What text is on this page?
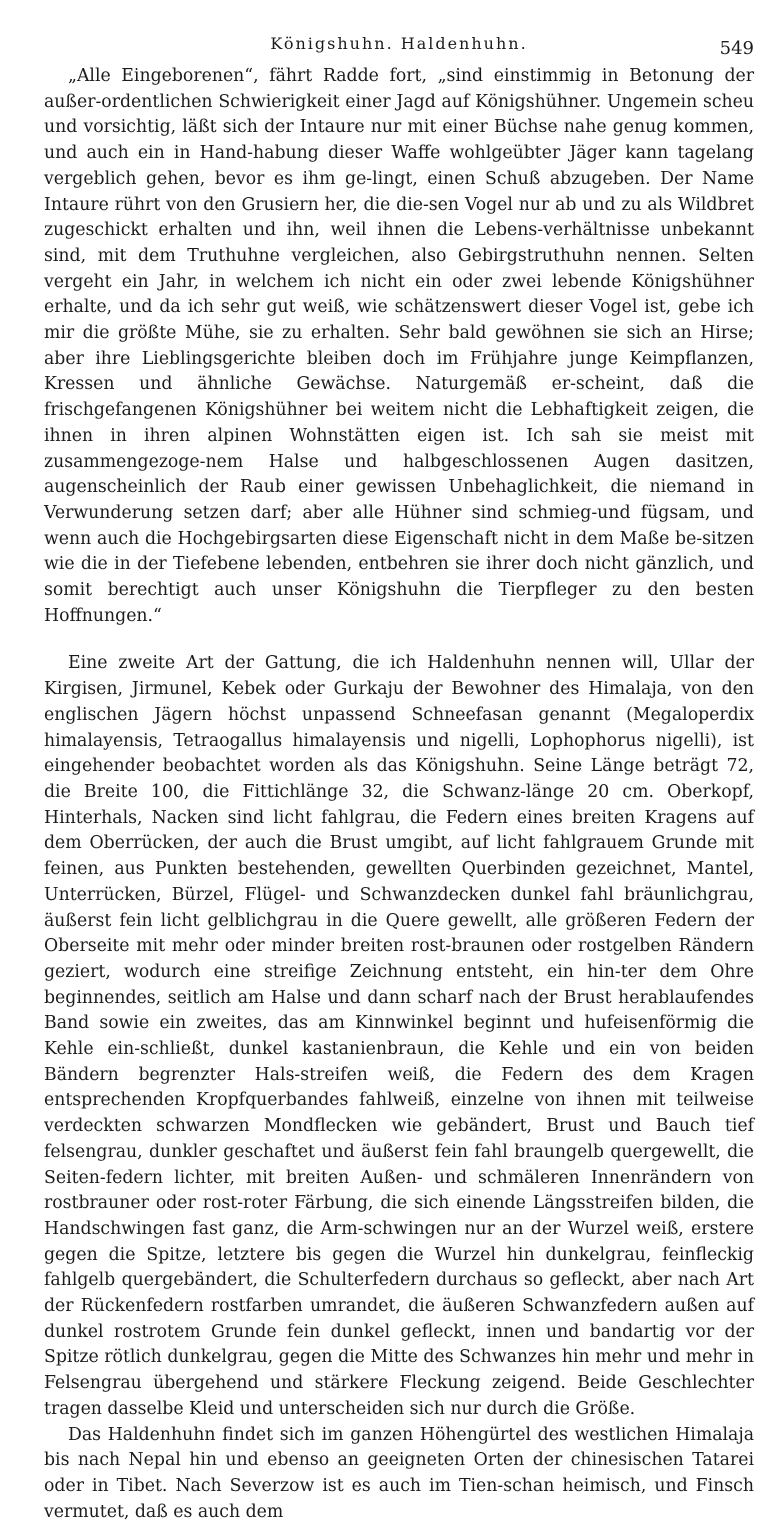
Königshuhn. Haldenhuhn.	549

„Alle Eingeborenen“, fährt Radde fort, „sind einstimmig in Betonung der außer-ordentlichen Schwierigkeit einer Jagd auf Königshühner. Ungemein scheu und vorsichtig, läßt sich der Intaure nur mit einer Büchse nahe genug kommen, und auch ein in Hand-habung dieser Waffe wohlgeübter Jäger kann tagelang vergeblich gehen, bevor es ihm ge-lingt, einen Schuß abzugeben. Der Name Intaure rührt von den Grusiern her, die die-sen Vogel nur ab und zu als Wildbret zugeschickt erhalten und ihn, weil ihnen die Lebens-verhältnisse unbekannt sind, mit dem Truthuhne vergleichen, also Gebirgstruthuhn nennen. Selten vergeht ein Jahr, in welchem ich nicht ein oder zwei lebende Königshühner erhalte, und da ich sehr gut weiß, wie schätzenswert dieser Vogel ist, gebe ich mir die größte Mühe, sie zu erhalten. Sehr bald gewöhnen sie sich an Hirse; aber ihre Lieblingsgerichte bleiben doch im Frühjahre junge Keimpflanzen, Kressen und ähnliche Gewächse. Naturgemäß er-scheint, daß die frischgefangenen Königshühner bei weitem nicht die Lebhaftigkeit zeigen, die ihnen in ihren alpinen Wohnstätten eigen ist. Ich sah sie meist mit zusammengezoge-nem Halse und halbgeschlossenen Augen dasitzen, augenscheinlich der Raub einer gewissen Unbehaglichkeit, die niemand in Verwunderung setzen darf; aber alle Hühner sind schmieg-und fügsam, und wenn auch die Hochgebirgsarten diese Eigenschaft nicht in dem Maße be-sitzen wie die in der Tiefebene lebenden, entbehren sie ihrer doch nicht gänzlich, und somit berechtigt auch unser Königshuhn die Tierpfleger zu den besten Hoffnungen.“

Eine zweite Art der Gattung, die ich Haldenhuhn nennen will, Ullar der Kirgisen, Jirmunel, Kebek oder Gurkaju der Bewohner des Himalaja, von den englischen Jägern höchst unpassend Schneefasan genannt (Megaloperdix himalayensis, Tetraogallus himalayensis und nigelli, Lophophorus nigelli), ist eingehender beobachtet worden als das Königshuhn. Seine Länge beträgt 72, die Breite 100, die Fittichlänge 32, die Schwanz-länge 20 cm. Oberkopf, Hinterhals, Nacken sind licht fahlgrau, die Federn eines breiten Kragens auf dem Oberrücken, der auch die Brust umgibt, auf licht fahlgrauem Grunde mit feinen, aus Punkten bestehenden, gewellten Querbinden gezeichnet, Mantel, Unterrücken, Bürzel, Flügel- und Schwanzdecken dunkel fahl bräunlichgrau, äußerst fein licht gelblichgrau in die Quere gewellt, alle größeren Federn der Oberseite mit mehr oder minder breiten rost-braunen oder rostgelben Rändern geziert, wodurch eine streifige Zeichnung entsteht, ein hin-ter dem Ohre beginnendes, seitlich am Halse und dann scharf nach der Brust herablaufendes Band sowie ein zweites, das am Kinnwinkel beginnt und hufeisenförmig die Kehle ein-schließt, dunkel kastanienbraun, die Kehle und ein von beiden Bändern begrenzter Hals-streifen weiß, die Federn des dem Kragen entsprechenden Kropfquerbandes fahlweiß, einzelne von ihnen mit teilweise verdeckten schwarzen Mondflecken wie gebändert, Brust und Bauch tief felsengrau, dunkler geschaftet und äußerst fein fahl braungelb quergewellt, die Seiten-federn lichter, mit breiten Außen- und schmäleren Innenrändern von rostbrauner oder rost-roter Färbung, die sich einende Längsstreifen bilden, die Handschwingen fast ganz, die Arm-schwingen nur an der Wurzel weiß, erstere gegen die Spitze, letztere bis gegen die Wurzel hin dunkelgrau, feinfleckig fahlgelb quergebändert, die Schulterfedern durchaus so gefleckt, aber nach Art der Rückenfedern rostfarben umrandet, die äußeren Schwanzfedern außen auf dunkel rostrotem Grunde fein dunkel gefleckt, innen und bandartig vor der Spitze rötlich dunkelgrau, gegen die Mitte des Schwanzes hin mehr und mehr in Felsengrau übergehend und stärkere Fleckung zeigend. Beide Geschlechter tragen dasselbe Kleid und unterscheiden sich nur durch die Größe.

Das Haldenhuhn findet sich im ganzen Höhengürtel des westlichen Himalaja bis nach Nepal hin und ebenso an geeigneten Orten der chinesischen Tatarei oder in Tibet. Nach Severzow ist es auch im Tien-schan heimisch, und Finsch vermutet, daß es auch dem
